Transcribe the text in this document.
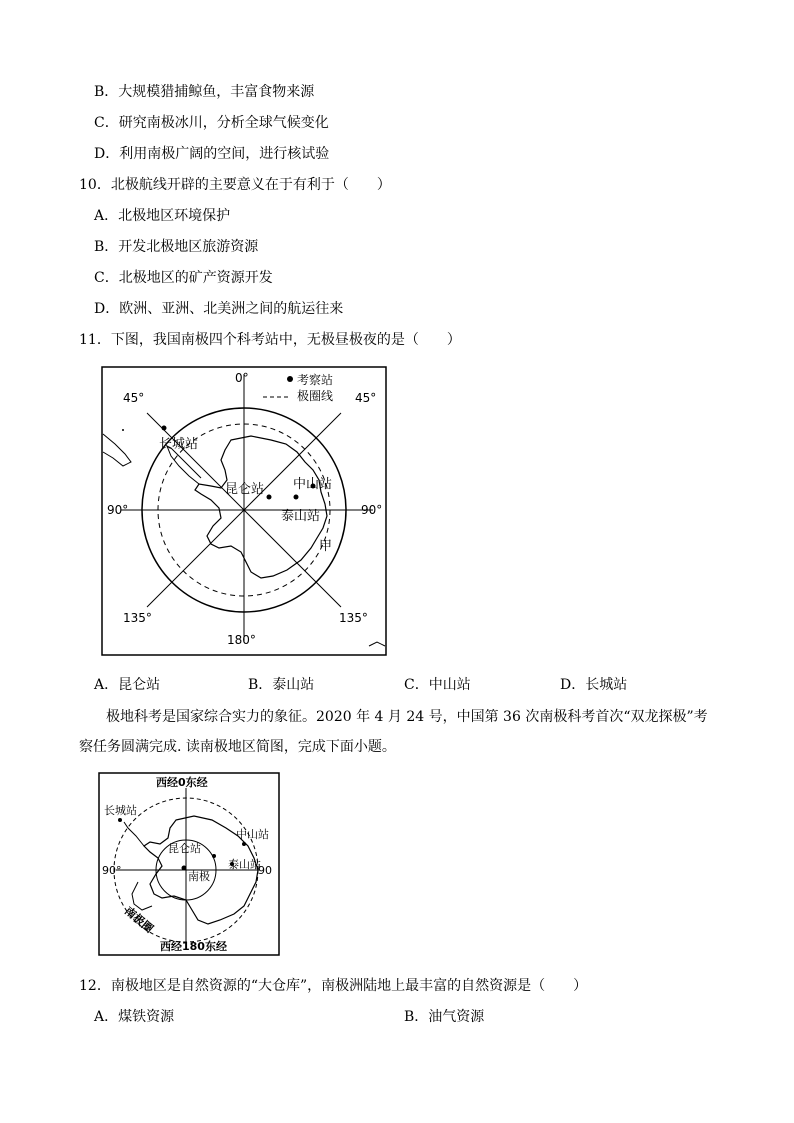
B．大规模猎捕鲸鱼，丰富食物来源
C．研究南极冰川，分析全球气候变化
D．利用南极广阔的空间，进行核试验
10．北极航线开辟的主要意义在于有利于（　　）
A．北极地区环境保护
B．开发北极地区旅游资源
C．北极地区的矿产资源开发
D．欧洲、亚洲、北美洲之间的航运往来
11．下图，我国南极四个科考站中，无极昼极夜的是（　　）
考察站
极圈线
0°
45°	45°
90°	90°
135°	135°
180°
长城站
昆仑站 中山站
泰山站
甲
A．昆仑站	B．泰山站	C．中山站	D．长城站
极地科考是国家综合实力的象征。2020 年 4 月 24 号，中国第 36 次南极科考首次“双龙探极”考
察任务圆满完成. 读南极地区简图，完成下面小题。
西经0东经
西经180东经
长城站
中山站
昆仑站
泰山站
南极
90°	90
南极圈
12．南极地区是自然资源的“大仓库”，南极洲陆地上最丰富的自然资源是（　　）
A．煤铁资源	B．油气资源
